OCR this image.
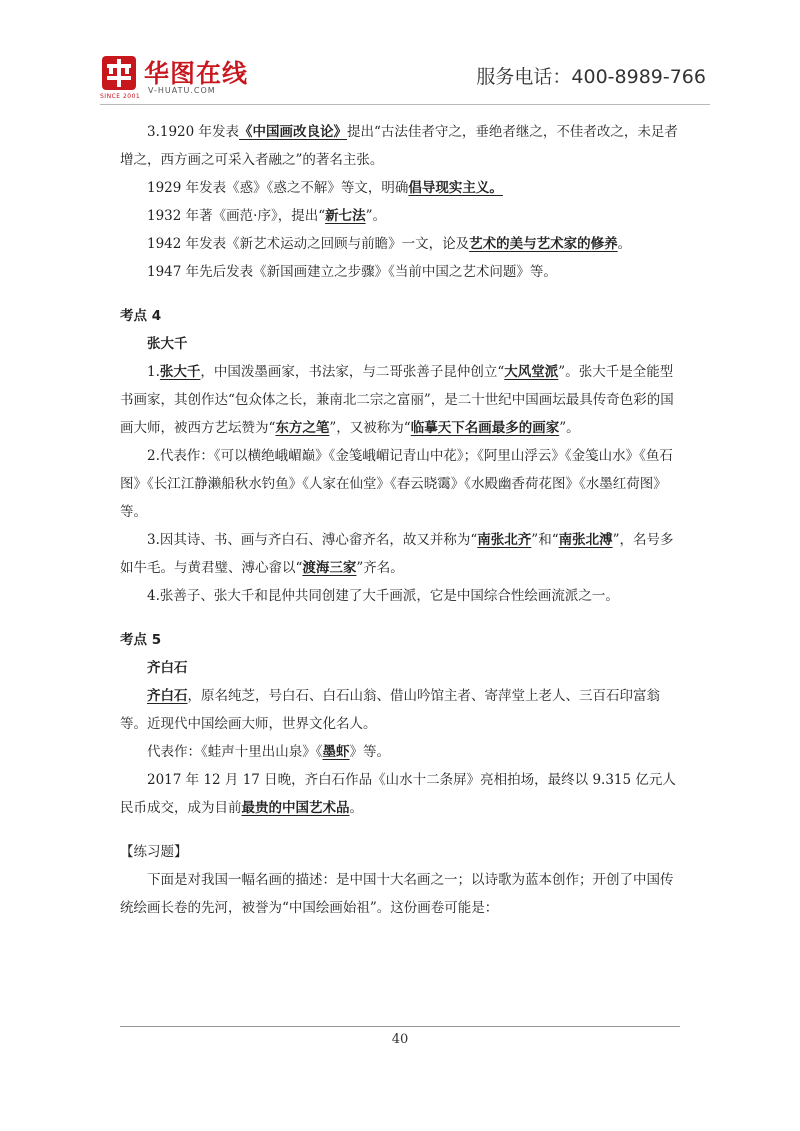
SINCE 2001
华图在线
V-HUATU.COM
服务电话：400-8989-766

3.1920 年发表《中国画改良论》提出“古法佳者守之，垂绝者继之，不佳者改之，未足者增之，西方画之可采入者融之”的著名主张。

1929 年发表《惑》《惑之不解》等文，明确倡导现实主义。

1932 年著《画范·序》，提出“新七法”。

1942 年发表《新艺术运动之回顾与前瞻》一文，论及艺术的美与艺术家的修养。

1947 年先后发表《新国画建立之步骤》《当前中国之艺术问题》等。

考点 4

张大千

1.张大千，中国泼墨画家，书法家，与二哥张善子昆仲创立“大风堂派”。张大千是全能型书画家，其创作达“包众体之长，兼南北二宗之富丽”，是二十世纪中国画坛最具传奇色彩的国画大师，被西方艺坛赞为“东方之笔”，又被称为“临摹天下名画最多的画家”。

2.代表作：《可以横绝峨嵋巅》《金笺峨嵋记青山中花》；《阿里山浮云》《金笺山水》《鱼石图》《长江江静濑船秋水钓鱼》《人家在仙堂》《春云晓霭》《水殿幽香荷花图》《水墨红荷图》等。

3.因其诗、书、画与齐白石、溥心畲齐名，故又并称为“南张北齐”和“南张北溥”，名号多如牛毛。与黄君璧、溥心畲以“渡海三家”齐名。

4.张善子、张大千和昆仲共同创建了大千画派，它是中国综合性绘画流派之一。

考点 5

齐白石

齐白石，原名纯芝，号白石、白石山翁、借山吟馆主者、寄萍堂上老人、三百石印富翁等。近现代中国绘画大师，世界文化名人。

代表作：《蛙声十里出山泉》《墨虾》等。

2017 年 12 月 17 日晚，齐白石作品《山水十二条屏》亮相拍场，最终以 9.315 亿元人民币成交，成为目前最贵的中国艺术品。

【练习题】

下面是对我国一幅名画的描述：是中国十大名画之一；以诗歌为蓝本创作；开创了中国传统绘画长卷的先河，被誉为“中国绘画始祖”。这份画卷可能是：

40
